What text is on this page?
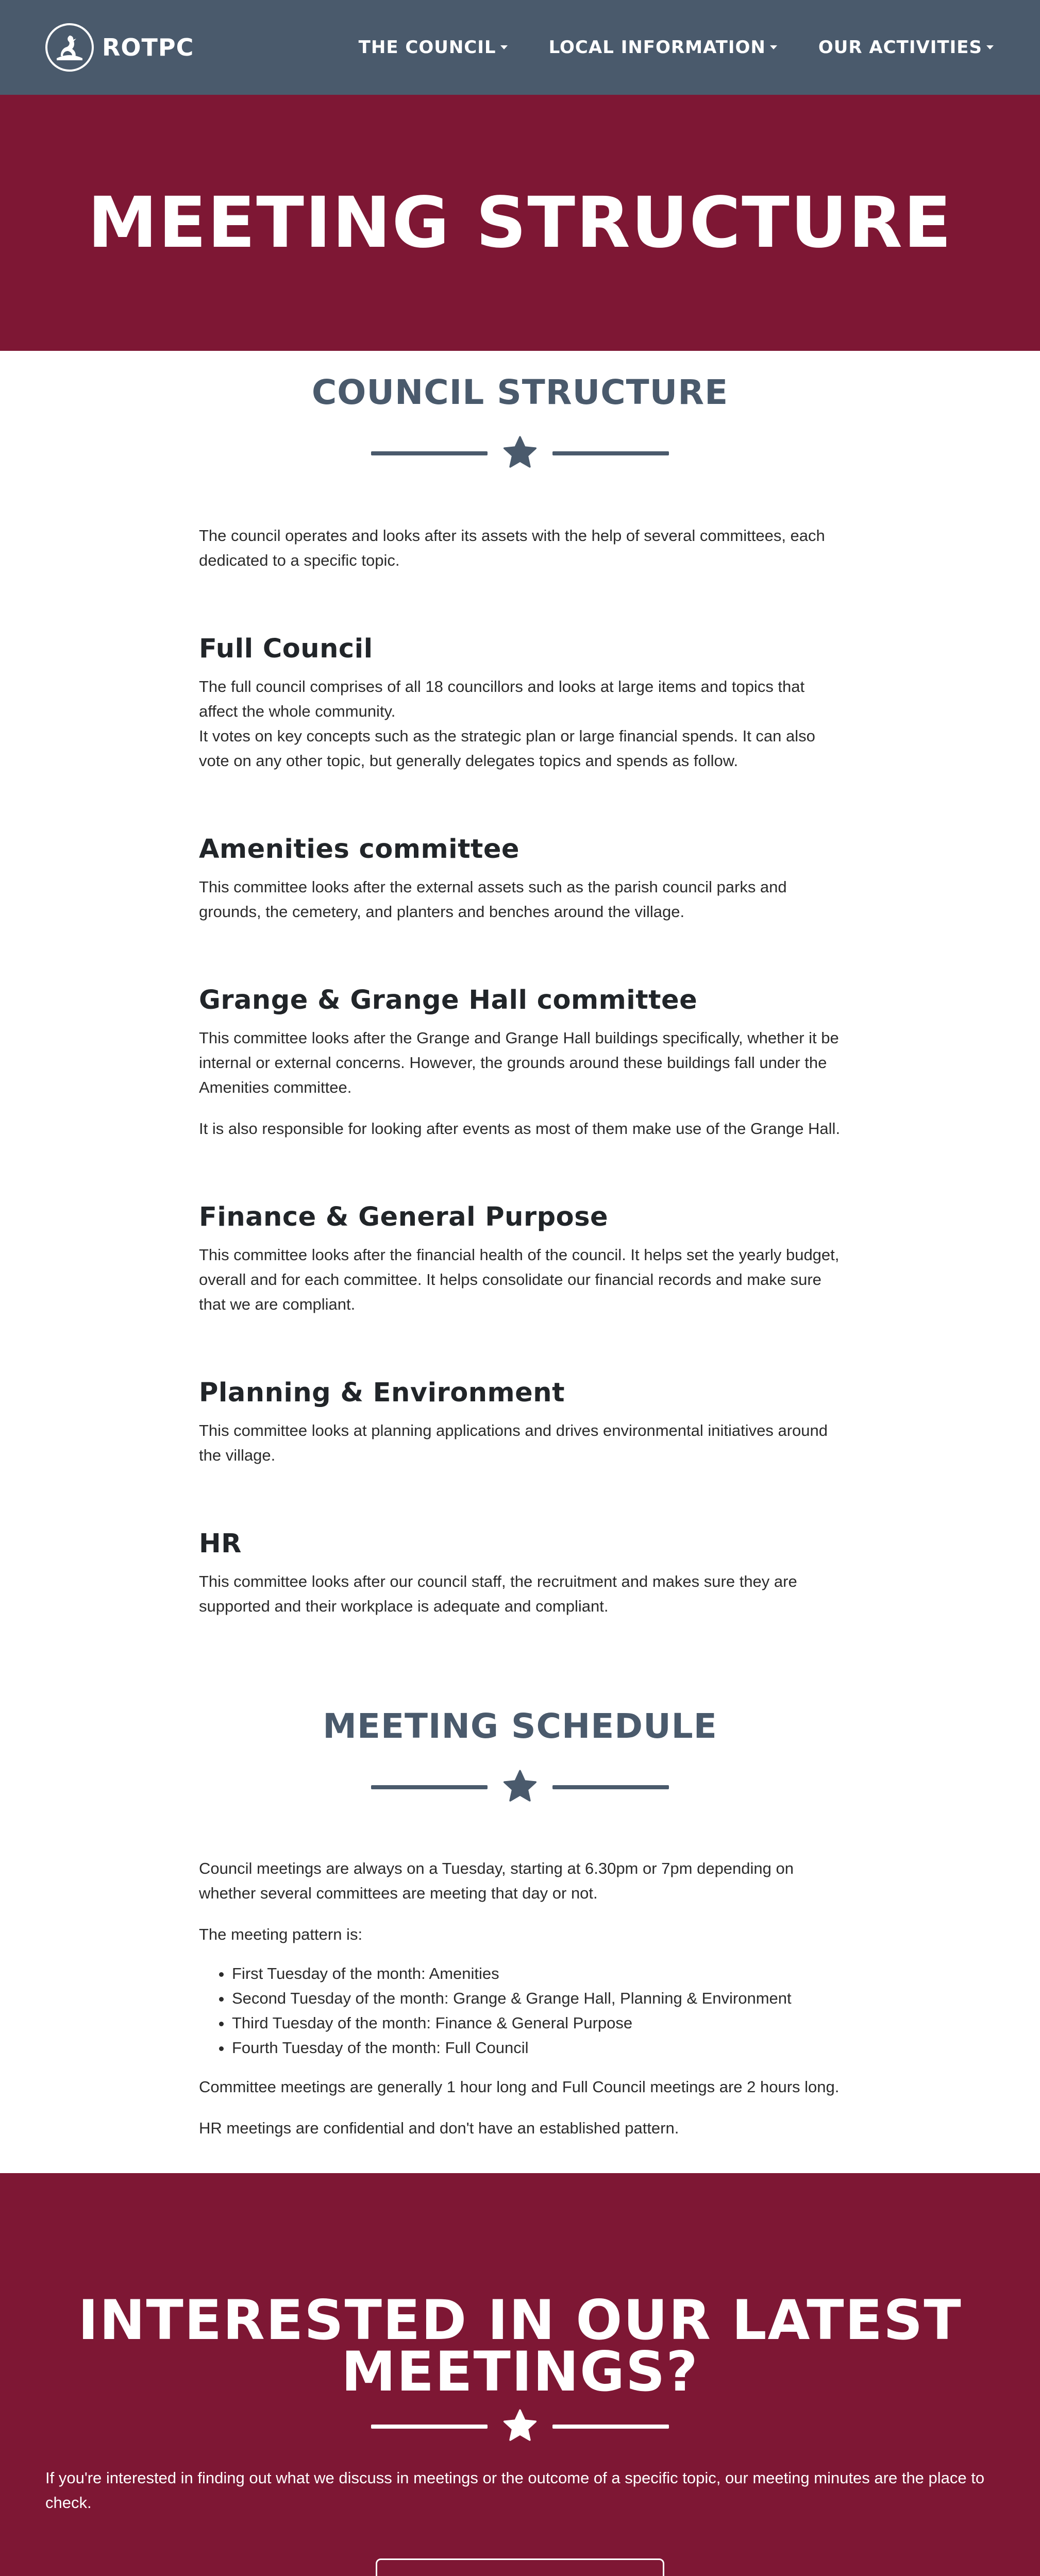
ROTPC	THE COUNCIL	LOCAL INFORMATION	OUR ACTIVITIES
MEETING STRUCTURE
COUNCIL STRUCTURE

The council operates and looks after its assets with the help of several committees, each dedicated to a specific topic.

Full Council

The full council comprises of all 18 councillors and looks at large items and topics that affect the whole community.

It votes on key concepts such as the strategic plan or large financial spends. It can also vote on any other topic, but generally delegates topics and spends as follow.

Amenities committee

This committee looks after the external assets such as the parish council parks and grounds, the cemetery, and planters and benches around the village.

Grange & Grange Hall committee

This committee looks after the Grange and Grange Hall buildings specifically, whether it be internal or external concerns. However, the grounds around these buildings fall under the Amenities committee.

It is also responsible for looking after events as most of them make use of the Grange Hall.

Finance & General Purpose

This committee looks after the financial health of the council. It helps set the yearly budget, overall and for each committee. It helps consolidate our financial records and make sure that we are compliant.

Planning & Environment

This committee looks at planning applications and drives environmental initiatives around the village.

HR

This committee looks after our council staff, the recruitment and makes sure they are supported and their workplace is adequate and compliant.

MEETING SCHEDULE

Council meetings are always on a Tuesday, starting at 6.30pm or 7pm depending on whether several committees are meeting that day or not.

The meeting pattern is:

• First Tuesday of the month: Amenities
• Second Tuesday of the month: Grange & Grange Hall, Planning & Environment
• Third Tuesday of the month: Finance & General Purpose
• Fourth Tuesday of the month: Full Council

Committee meetings are generally 1 hour long and Full Council meetings are 2 hours long.

HR meetings are confidential and don't have an established pattern.

INTERESTED IN OUR LATEST
MEETINGS?

If you're interested in finding out what we discuss in meetings or the outcome of a specific topic, our meeting minutes are the place to check.
